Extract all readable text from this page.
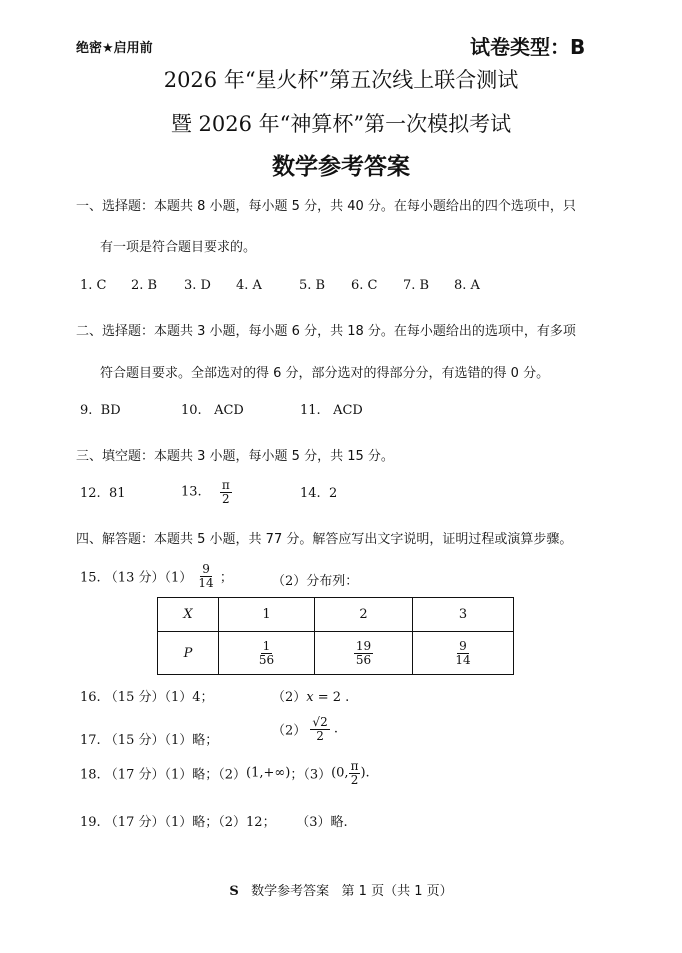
绝密★启用前	试卷类型：B
2026 年“星火杯”第五次线上联合测试
暨 2026 年“神算杯”第一次模拟考试
数学参考答案
一、选择题：本题共 8 小题，每小题 5 分，共 40 分。在每小题给出的四个选项中，只
有一项是符合题目要求的。
1. C 2. B 3. D 4. A	5. B 6. C 7. B 8. A
二、选择题：本题共 3 小题，每小题 6 分，共 18 分。在每小题给出的选项中，有多项
符合题目要求。全部选对的得 6 分，部分选对的得部分分，有选错的得 0 分。
9.  BD	10.   ACD	11.   ACD
三、填空题：本题共 3 小题，每小题 5 分，共 15 分。
12.  81	13. $\frac{\pi}{2}$	14.  2
四、解答题：本题共 5 小题，共 77 分。解答应写出文字说明，证明过程或演算步骤。
15. （13 分）$(1) \frac{9}{14}$ ；	（2）分布列：
X	1	2	3
P	$\frac{1}{56}$	$\frac{19}{56}$	$\frac{9}{14}$
16. （15 分）（1）4；	（2）x = 2 .
17. （15 分）（1）略；
$(2) \frac{√2}{2}$ .
18. （17 分）（1）略；（2）(1,+∞)；（3）(0, $\frac{\pi}{2}$ ).
19. （17 分）（1）略；（2）12；     （3）略.
S 数学参考答案   第 1 页（共 1 页）
